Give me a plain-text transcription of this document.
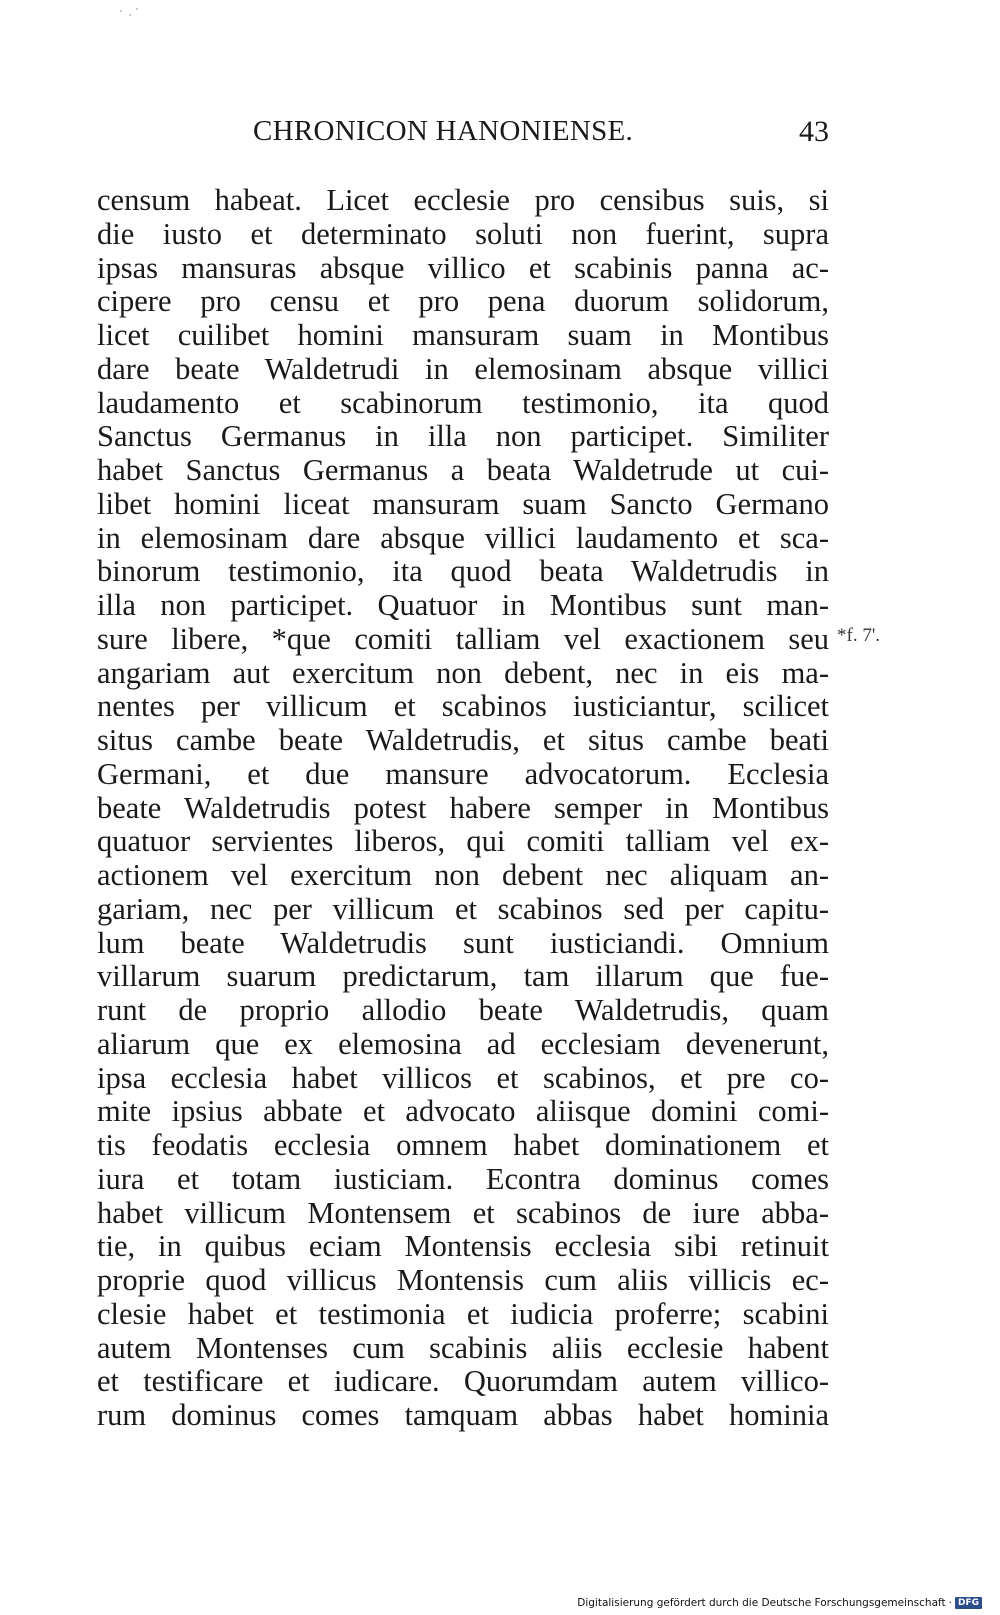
CHRONICON HANONIENSE.	43
censum habeat. Licet ecclesie pro censibus suis, si
die iusto et determinato soluti non fuerint, supra
ipsas mansuras absque villico et scabinis panna ac-
cipere pro censu et pro pena duorum solidorum,
licet cuilibet homini mansuram suam in Montibus
dare beate Waldetrudi in elemosinam absque villici
laudamento et scabinorum testimonio, ita quod
Sanctus Germanus in illa non participet. Similiter
habet Sanctus Germanus a beata Waldetrude ut cui-
libet homini liceat mansuram suam Sancto Germano
in elemosinam dare absque villici laudamento et sca-
binorum testimonio, ita quod beata Waldetrudis in
illa non participet. Quatuor in Montibus sunt man-
sure libere, *que comiti talliam vel exactionem seu
angariam aut exercitum non debent, nec in eis ma-
nentes per villicum et scabinos iusticiantur, scilicet
situs cambe beate Waldetrudis, et situs cambe beati
Germani, et due mansure advocatorum. Ecclesia
beate Waldetrudis potest habere semper in Montibus
quatuor servientes liberos, qui comiti talliam vel ex-
actionem vel exercitum non debent nec aliquam an-
gariam, nec per villicum et scabinos sed per capitu-
lum beate Waldetrudis sunt iusticiandi. Omnium
villarum suarum predictarum, tam illarum que fue-
runt de proprio allodio beate Waldetrudis, quam
aliarum que ex elemosina ad ecclesiam devenerunt,
ipsa ecclesia habet villicos et scabinos, et pre co-
mite ipsius abbate et advocato aliisque domini comi-
tis feodatis ecclesia omnem habet dominationem et
iura et totam iusticiam. Econtra dominus comes
habet villicum Montensem et scabinos de iure abba-
tie, in quibus eciam Montensis ecclesia sibi retinuit
proprie quod villicus Montensis cum aliis villicis ec-
clesie habet et testimonia et iudicia proferre; scabini
autem Montenses cum scabinis aliis ecclesie habent
et testificare et iudicare. Quorumdam autem villico-
rum dominus comes tamquam abbas habet hominia
*f. 7'.
Digitalisierung gefördert durch die Deutsche Forschungsgemeinschaft · DFG
